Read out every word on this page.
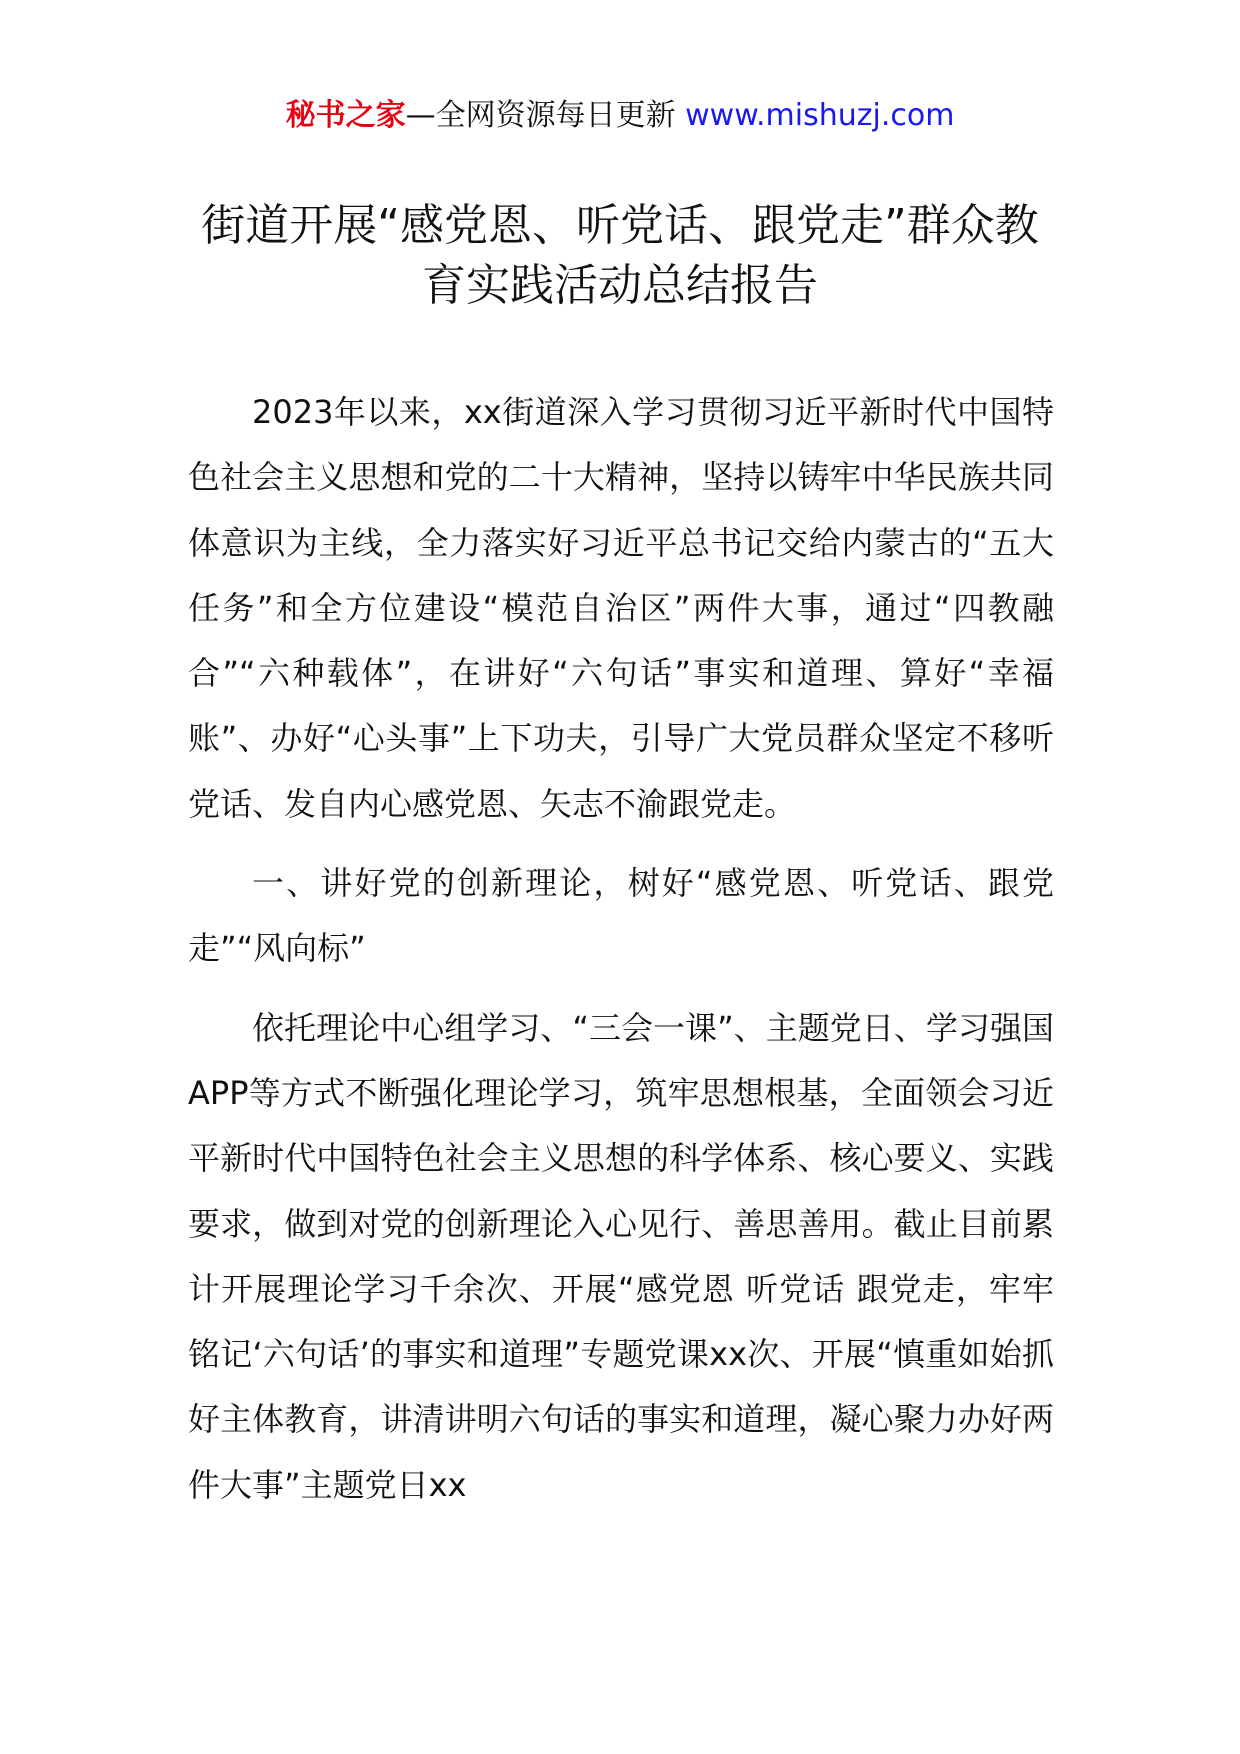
秘书之家—全网资源每日更新 www.mishuzj.com
街道开展“感党恩、听党话、跟党走”群众教育实践活动总结报告

2023年以来，xx街道深入学习贯彻习近平新时代中国特色社会主义思想和党的二十大精神，坚持以铸牢中华民族共同体意识为主线，全力落实好习近平总书记交给内蒙古的“五大任务”和全方位建设“模范自治区”两件大事，通过“四教融合”“六种载体”，在讲好“六句话”事实和道理、算好“幸福账”、办好“心头事”上下功夫，引导广大党员群众坚定不移听党话、发自内心感党恩、矢志不渝跟党走。

一、讲好党的创新理论，树好“感党恩、听党话、跟党走”“风向标”

依托理论中心组学习、“三会一课”、主题党日、学习强国APP等方式不断强化理论学习，筑牢思想根基，全面领会习近平新时代中国特色社会主义思想的科学体系、核心要义、实践要求，做到对党的创新理论入心见行、善思善用。截止目前累计开展理论学习千余次、开展“感党恩 听党话 跟党走，牢牢铭记‘六句话’的事实和道理”专题党课xx次、开展“慎重如始抓好主体教育，讲清讲明六句话的事实和道理，凝心聚力办好两件大事”主题党日xx
